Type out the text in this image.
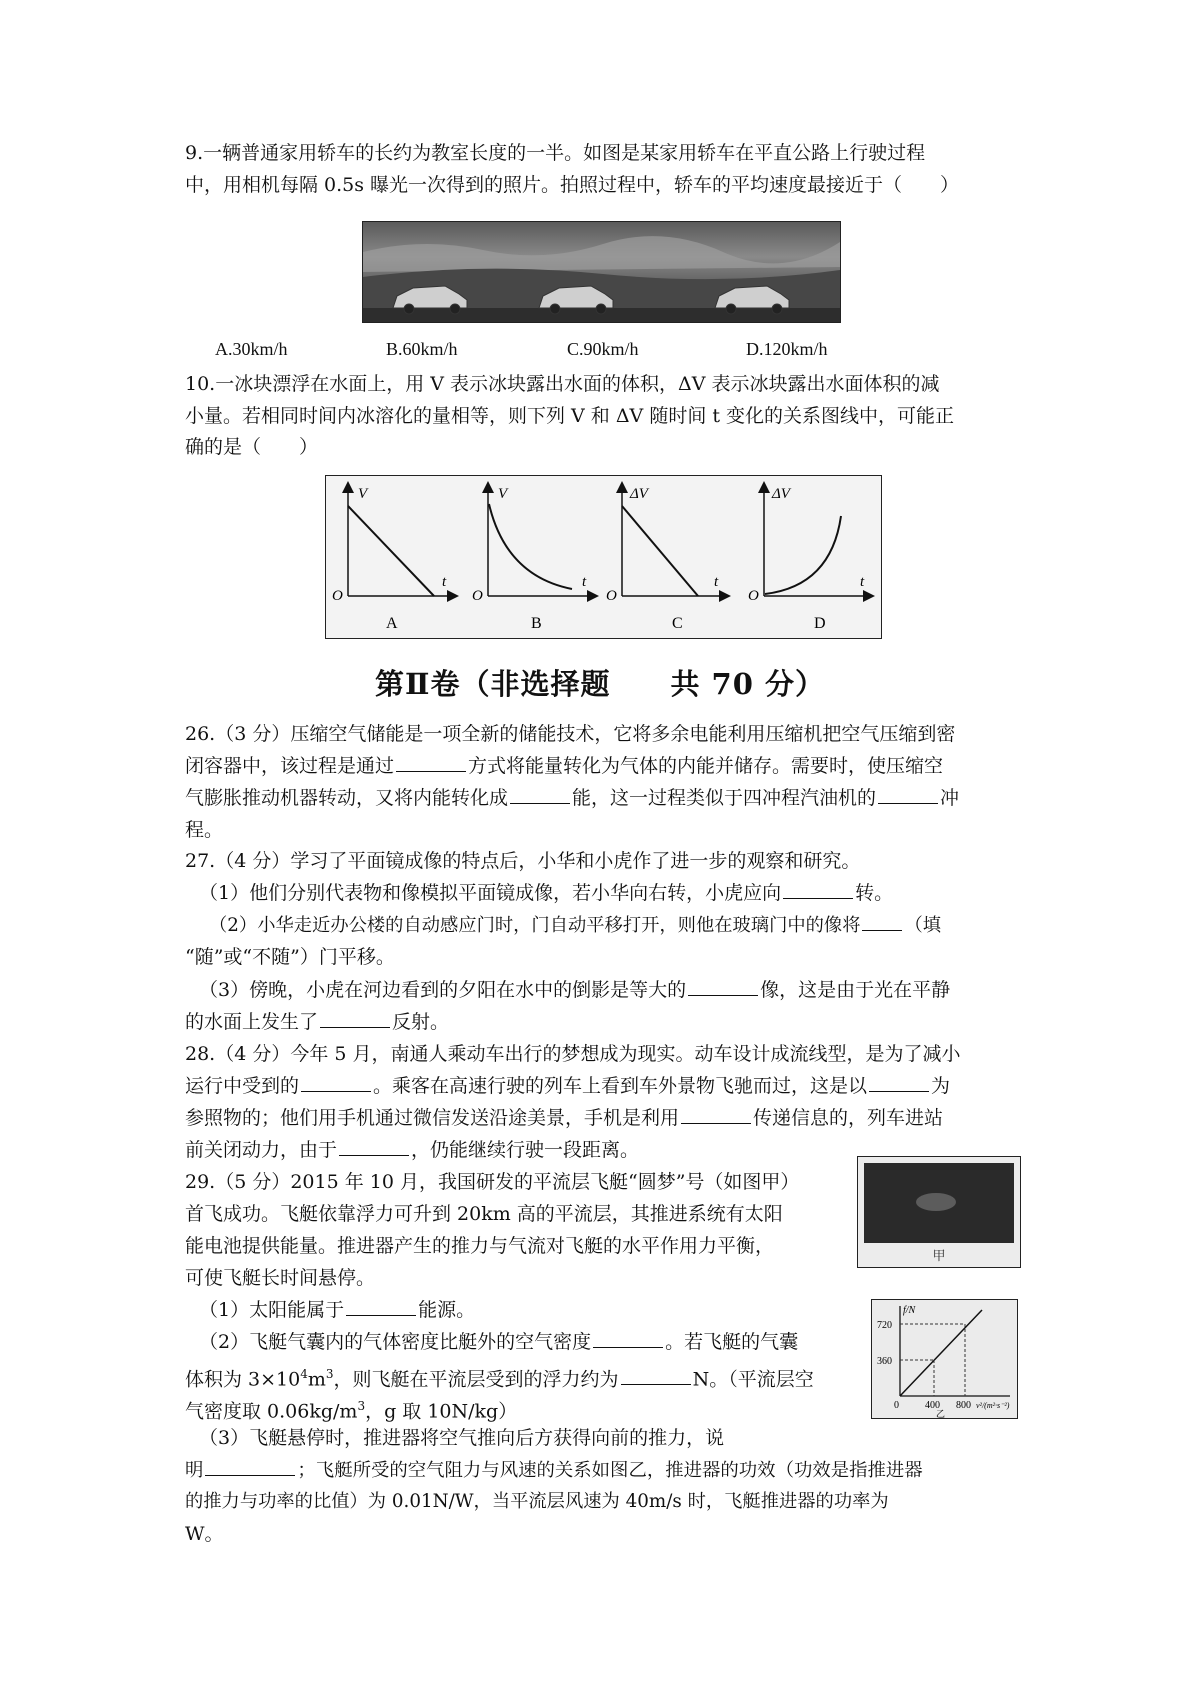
9.一辆普通家用轿车的长约为教室长度的一半。如图是某家用轿车在平直公路上行驶过程
中，用相机每隔 0.5s 曝光一次得到的照片。拍照过程中，轿车的平均速度最接近于（　　）
A.30km/h	B.60km/h	C.90km/h	D.120km/h
10.一冰块漂浮在水面上，用 V 表示冰块露出水面的体积，ΔV 表示冰块露出水面体积的减
小量。若相同时间内冰溶化的量相等，则下列 V 和 ΔV 随时间 t 变化的关系图线中，可能正
确的是（　　）
V
t
O
A
V
t
O
B
ΔV
t
O
C
ΔV
t
O
D
第Ⅱ卷（非选择题　　共 70 分）
26.（3 分）压缩空气储能是一项全新的储能技术，它将多余电能利用压缩机把空气压缩到密
闭容器中，该过程是通过	方式将能量转化为气体的内能并储存。需要时，使压缩空
气膨胀推动机器转动，又将内能转化成	能，这一过程类似于四冲程汽油机的	冲
程。
27.（4 分）学习了平面镜成像的特点后，小华和小虎作了进一步的观察和研究。
（1）他们分别代表物和像模拟平面镜成像，若小华向右转，小虎应向	转。
（2）小华走近办公楼的自动感应门时，门自动平移打开，则他在玻璃门中的像将 （填
“随”或“不随”）门平移。
（3）傍晚，小虎在河边看到的夕阳在水中的倒影是等大的	像，这是由于光在平静
的水面上发生了	反射。
28.（4 分）今年 5 月，南通人乘动车出行的梦想成为现实。动车设计成流线型，是为了减小
运行中受到的	。乘客在高速行驶的列车上看到车外景物飞驰而过，这是以	为
参照物的；他们用手机通过微信发送沿途美景，手机是利用	传递信息的，列车进站
前关闭动力，由于	，仍能继续行驶一段距离。
29.（5 分）2015 年 10 月，我国研发的平流层飞艇“圆梦”号（如图甲）
首飞成功。飞艇依靠浮力可升到 20km 高的平流层，其推进系统有太阳
能电池提供能量。推进器产生的推力与气流对飞艇的水平作用力平衡，
可使飞艇长时间悬停。
（1）太阳能属于	能源。
（2）飞艇气囊内的气体密度比艇外的空气密度	。若飞艇的气囊
体积为 $3\times 10^4m^3$，则飞艇在平流层受到的浮力约为	N。（平流层空
气密度取 $0.06kg/m^3$，g 取 10N/kg）
（3）飞艇悬停时，推进器将空气推向后方获得向前的推力，说
明	；飞艇所受的空气阻力与风速的关系如图乙，推进器的功效（功效是指推进器
的推力与功率的比值）为 0.01N/W，当平流层风速为 40m/s 时，飞艇推进器的功率为
W。
甲
f/N
720
360
0	400 800 v²/(m²·s⁻²)
乙
